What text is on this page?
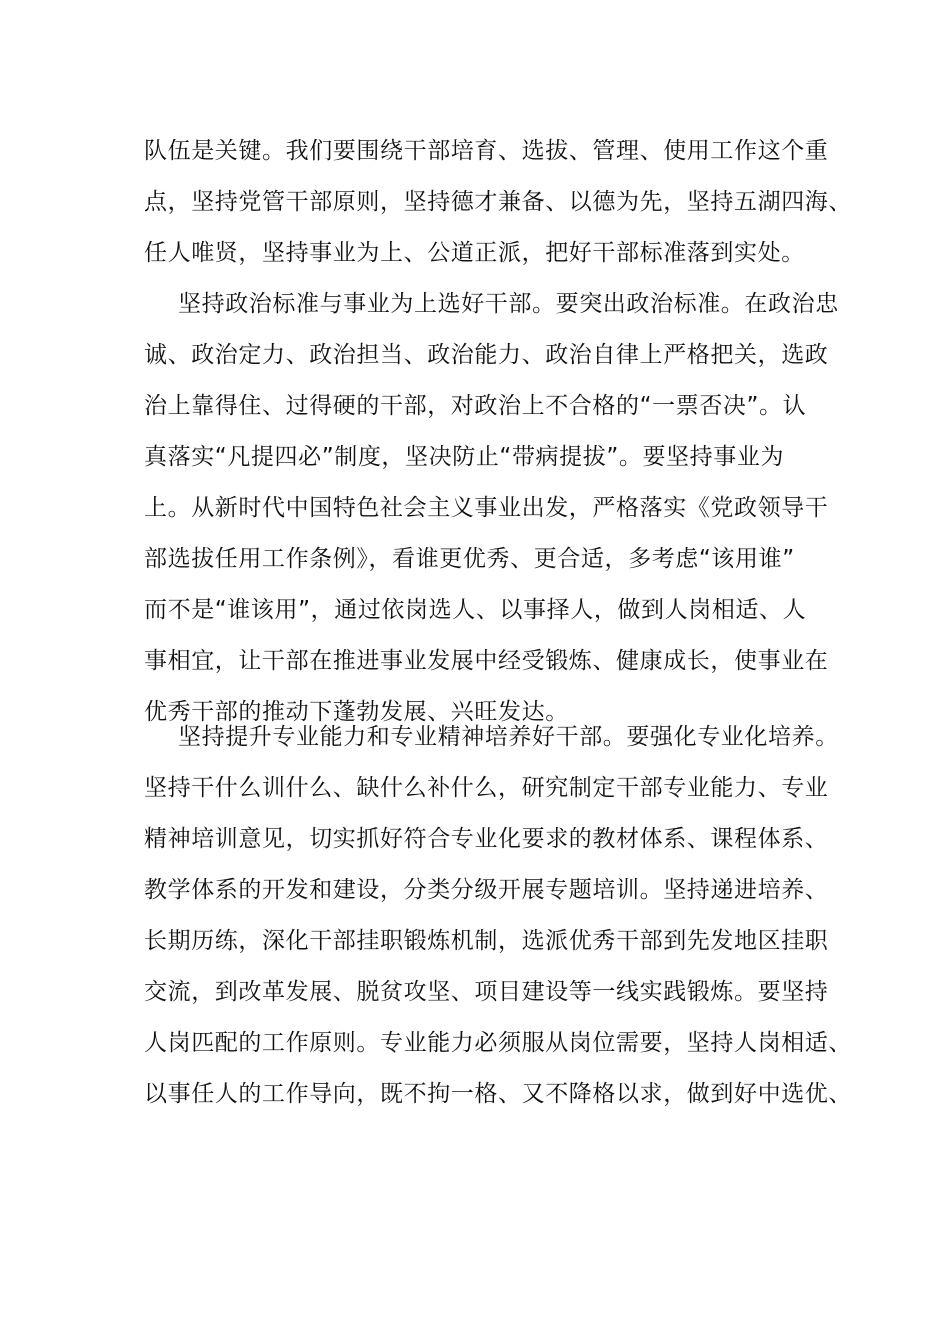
队伍是关键。我们要围绕干部培育、选拔、管理、使用工作这个重
点，坚持党管干部原则，坚持德才兼备、以德为先，坚持五湖四海、
任人唯贤，坚持事业为上、公道正派，把好干部标准落到实处。
坚持政治标准与事业为上选好干部。要突出政治标准。在政治忠
诚、政治定力、政治担当、政治能力、政治自律上严格把关，选政
治上靠得住、过得硬的干部，对政治上不合格的“一票否决”。认
真落实“凡提四必”制度，坚决防止“带病提拔”。要坚持事业为
上。从新时代中国特色社会主义事业出发，严格落实《党政领导干
部选拔任用工作条例》，看谁更优秀、更合适，多考虑“该用谁”
而不是“谁该用”，通过依岗选人、以事择人，做到人岗相适、人
事相宜，让干部在推进事业发展中经受锻炼、健康成长，使事业在
优秀干部的推动下蓬勃发展、兴旺发达。
坚持提升专业能力和专业精神培养好干部。要强化专业化培养。
坚持干什么训什么、缺什么补什么，研究制定干部专业能力、专业
精神培训意见，切实抓好符合专业化要求的教材体系、课程体系、
教学体系的开发和建设，分类分级开展专题培训。坚持递进培养、
长期历练，深化干部挂职锻炼机制，选派优秀干部到先发地区挂职
交流，到改革发展、脱贫攻坚、项目建设等一线实践锻炼。要坚持
人岗匹配的工作原则。专业能力必须服从岗位需要，坚持人岗相适、
以事任人的工作导向，既不拘一格、又不降格以求，做到好中选优、
